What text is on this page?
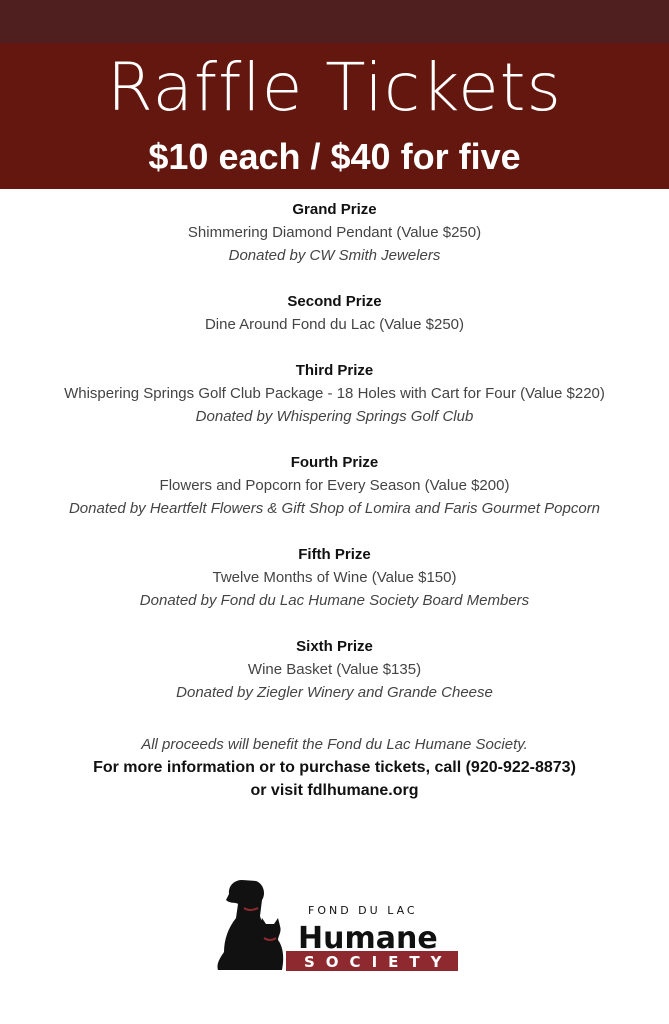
Raffle Tickets
$10 each / $40 for five
Grand Prize
Shimmering Diamond Pendant (Value $250)
Donated by CW Smith Jewelers
Second Prize
Dine Around Fond du Lac (Value $250)
Third Prize
Whispering Springs Golf Club Package - 18 Holes with Cart for Four (Value $220)
Donated by Whispering Springs Golf Club
Fourth Prize
Flowers and Popcorn for Every Season (Value $200)
Donated by Heartfelt Flowers & Gift Shop of Lomira and Faris Gourmet Popcorn
Fifth Prize
Twelve Months of Wine (Value $150)
Donated by Fond du Lac Humane Society Board Members
Sixth Prize
Wine Basket (Value $135)
Donated by Ziegler Winery and Grande Cheese
All proceeds will benefit the Fond du Lac Humane Society.
For more information or to purchase tickets, call (920-922-8873)
or visit fdlhumane.org
FOND DU LAC
Humane
SOCIETY
